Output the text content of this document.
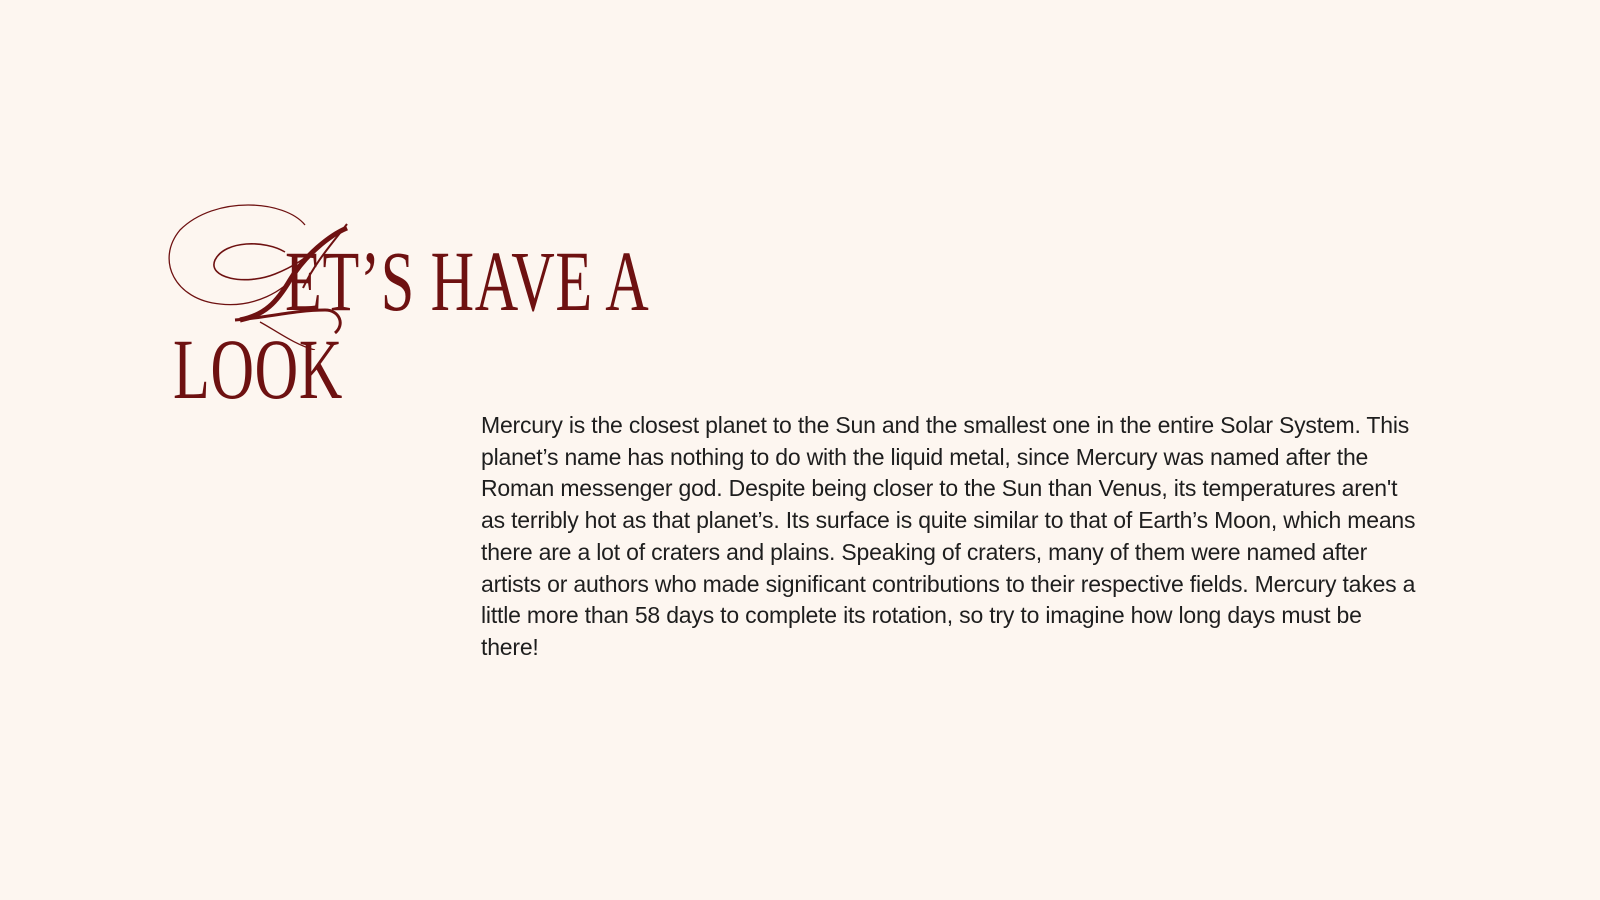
ET’S HAVE A
LOOK

Mercury is the closest planet to the Sun and the smallest one in the entire Solar System. This planet’s name has nothing to do with the liquid metal, since Mercury was named after the Roman messenger god. Despite being closer to the Sun than Venus, its temperatures aren't as terribly hot as that planet’s. Its surface is quite similar to that of Earth’s Moon, which means there are a lot of craters and plains. Speaking of craters, many of them were named after artists or authors who made significant contributions to their respective fields. Mercury takes a little more than 58 days to complete its rotation, so try to imagine how long days must be there!
